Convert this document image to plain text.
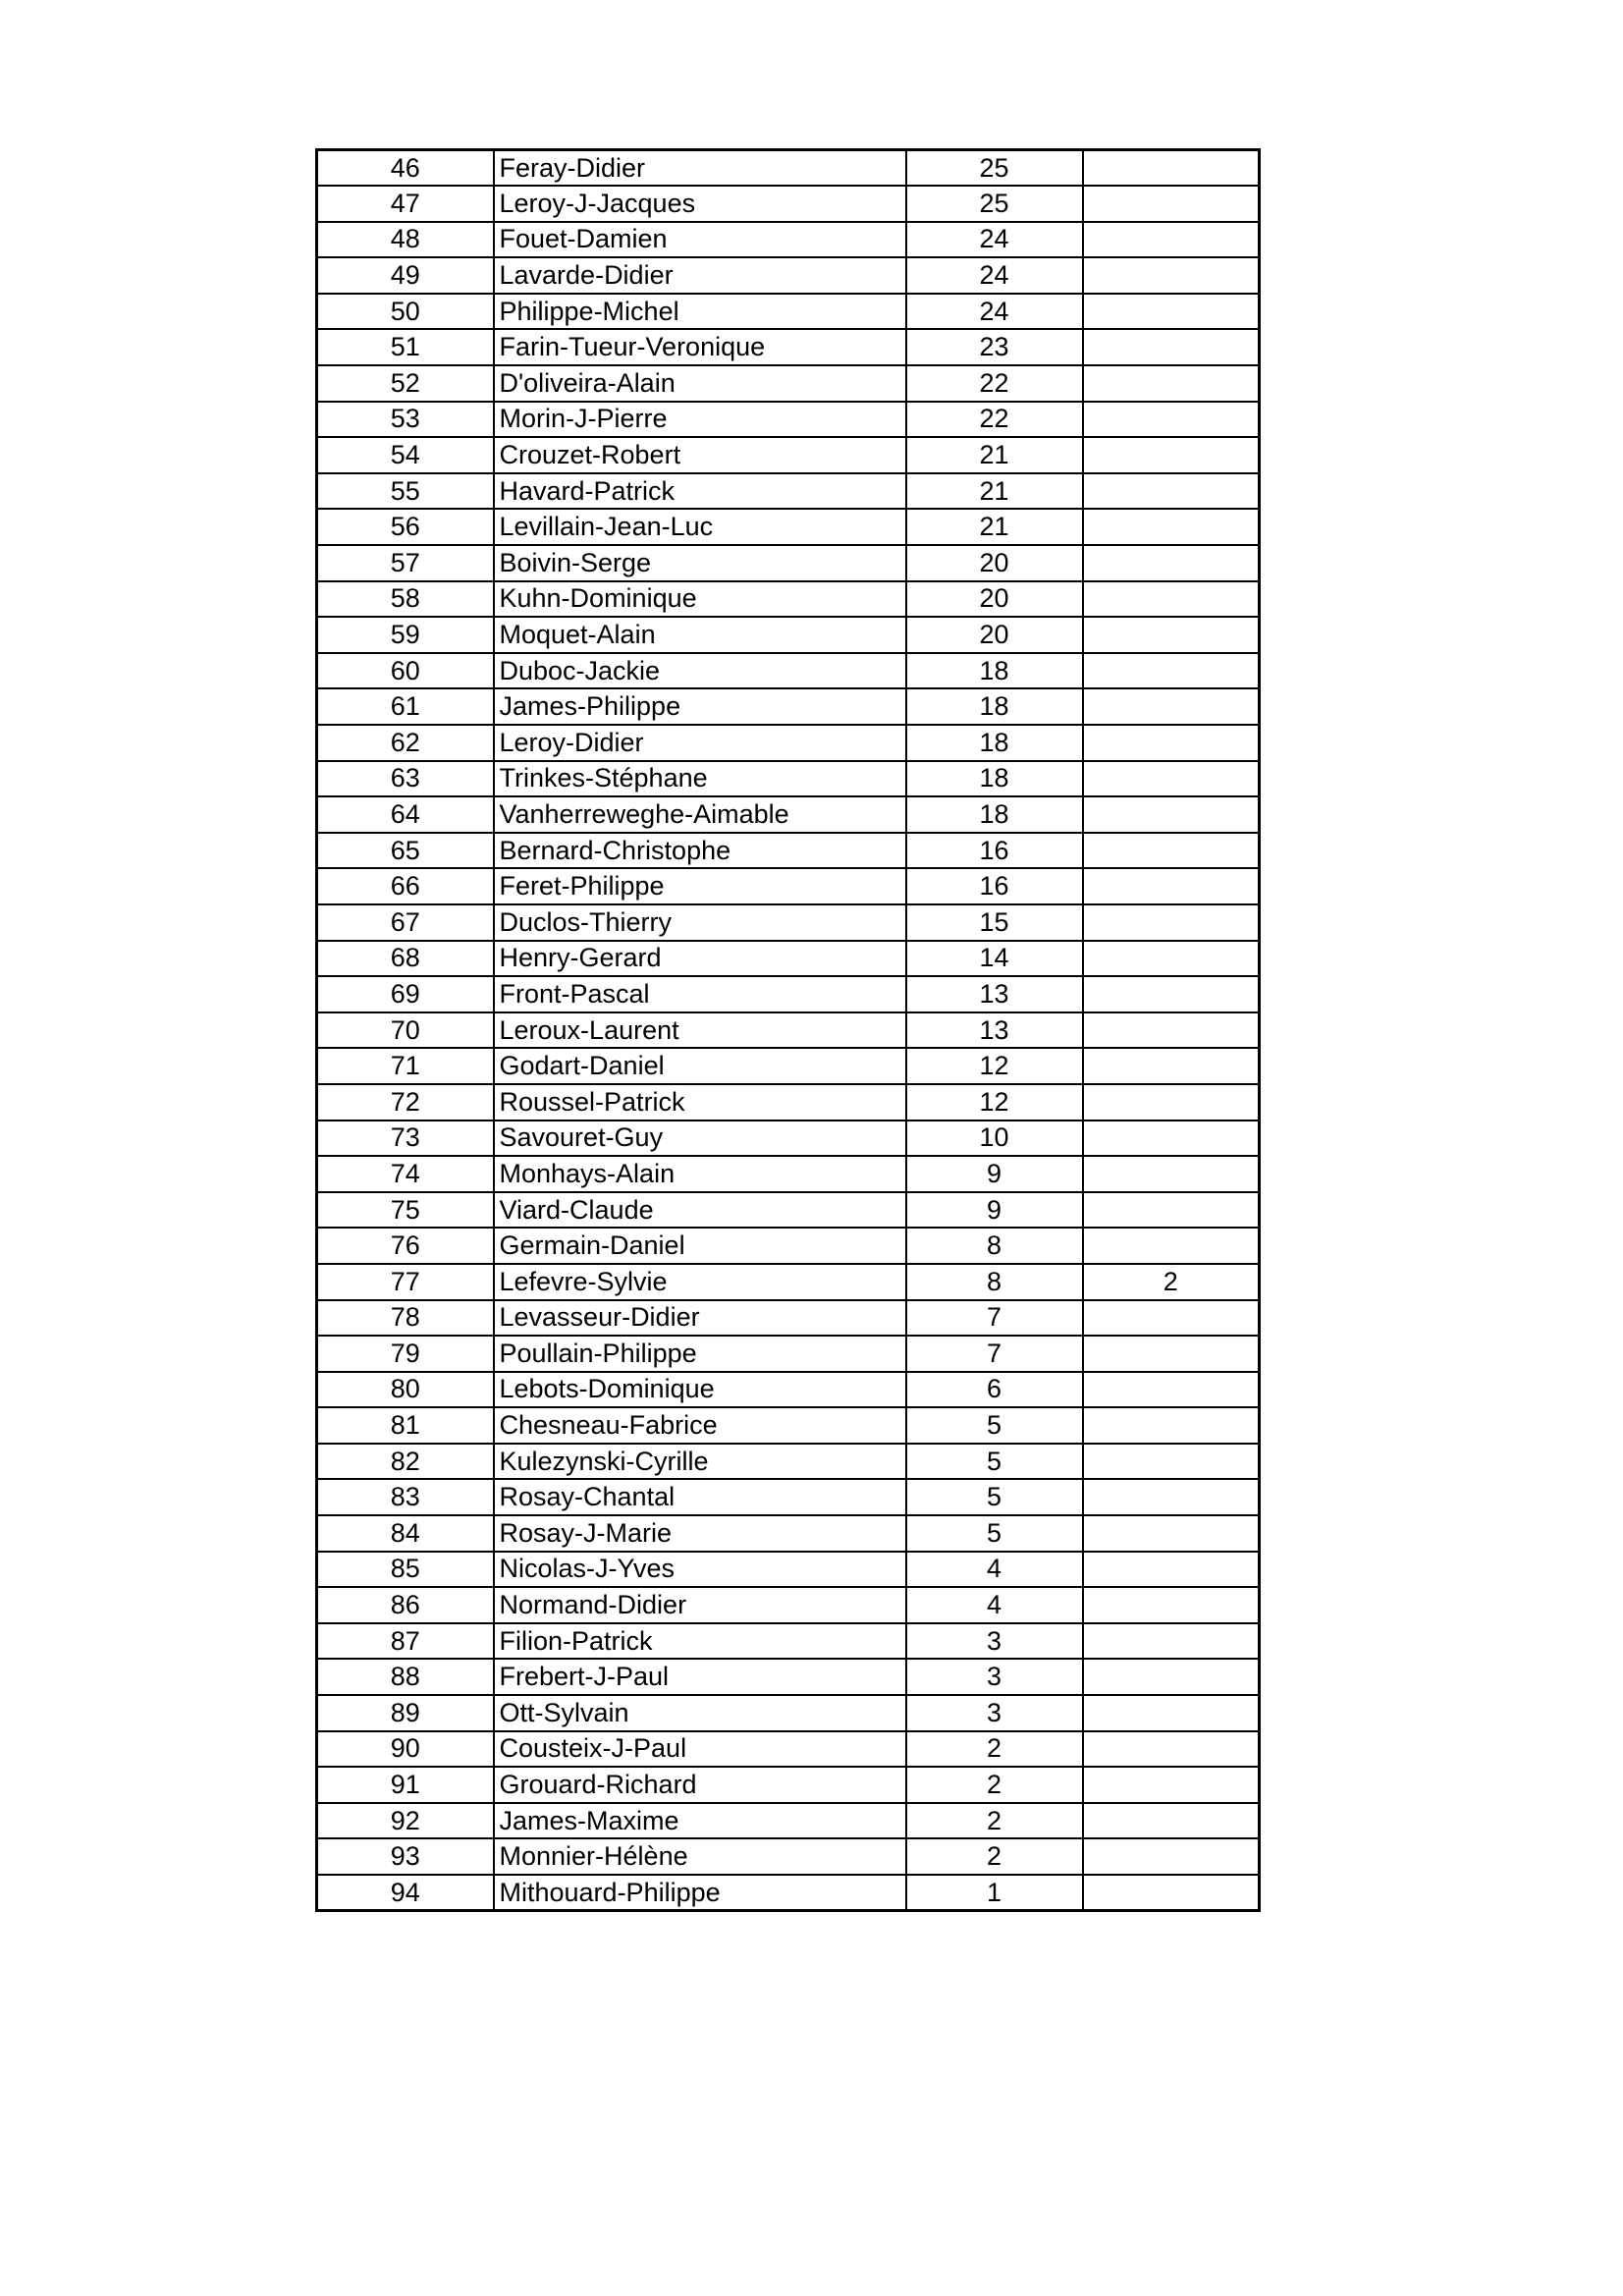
46	Feray-Didier	25	
47	Leroy-J-Jacques	25	
48	Fouet-Damien	24	
49	Lavarde-Didier	24	
50	Philippe-Michel	24	
51	Farin-Tueur-Veronique	23	
52	D'oliveira-Alain	22	
53	Morin-J-Pierre	22	
54	Crouzet-Robert	21	
55	Havard-Patrick	21	
56	Levillain-Jean-Luc	21	
57	Boivin-Serge	20	
58	Kuhn-Dominique	20	
59	Moquet-Alain	20	
60	Duboc-Jackie	18	
61	James-Philippe	18	
62	Leroy-Didier	18	
63	Trinkes-Stéphane	18	
64	Vanherreweghe-Aimable	18	
65	Bernard-Christophe	16	
66	Feret-Philippe	16	
67	Duclos-Thierry	15	
68	Henry-Gerard	14	
69	Front-Pascal	13	
70	Leroux-Laurent	13	
71	Godart-Daniel	12	
72	Roussel-Patrick	12	
73	Savouret-Guy	10	
74	Monhays-Alain	9	
75	Viard-Claude	9	
76	Germain-Daniel	8	
77	Lefevre-Sylvie	8	2
78	Levasseur-Didier	7	
79	Poullain-Philippe	7	
80	Lebots-Dominique	6	
81	Chesneau-Fabrice	5	
82	Kulezynski-Cyrille	5	
83	Rosay-Chantal	5	
84	Rosay-J-Marie	5	
85	Nicolas-J-Yves	4	
86	Normand-Didier	4	
87	Filion-Patrick	3	
88	Frebert-J-Paul	3	
89	Ott-Sylvain	3	
90	Cousteix-J-Paul	2	
91	Grouard-Richard	2	
92	James-Maxime	2	
93	Monnier-Hélène	2	
94	Mithouard-Philippe	1	
